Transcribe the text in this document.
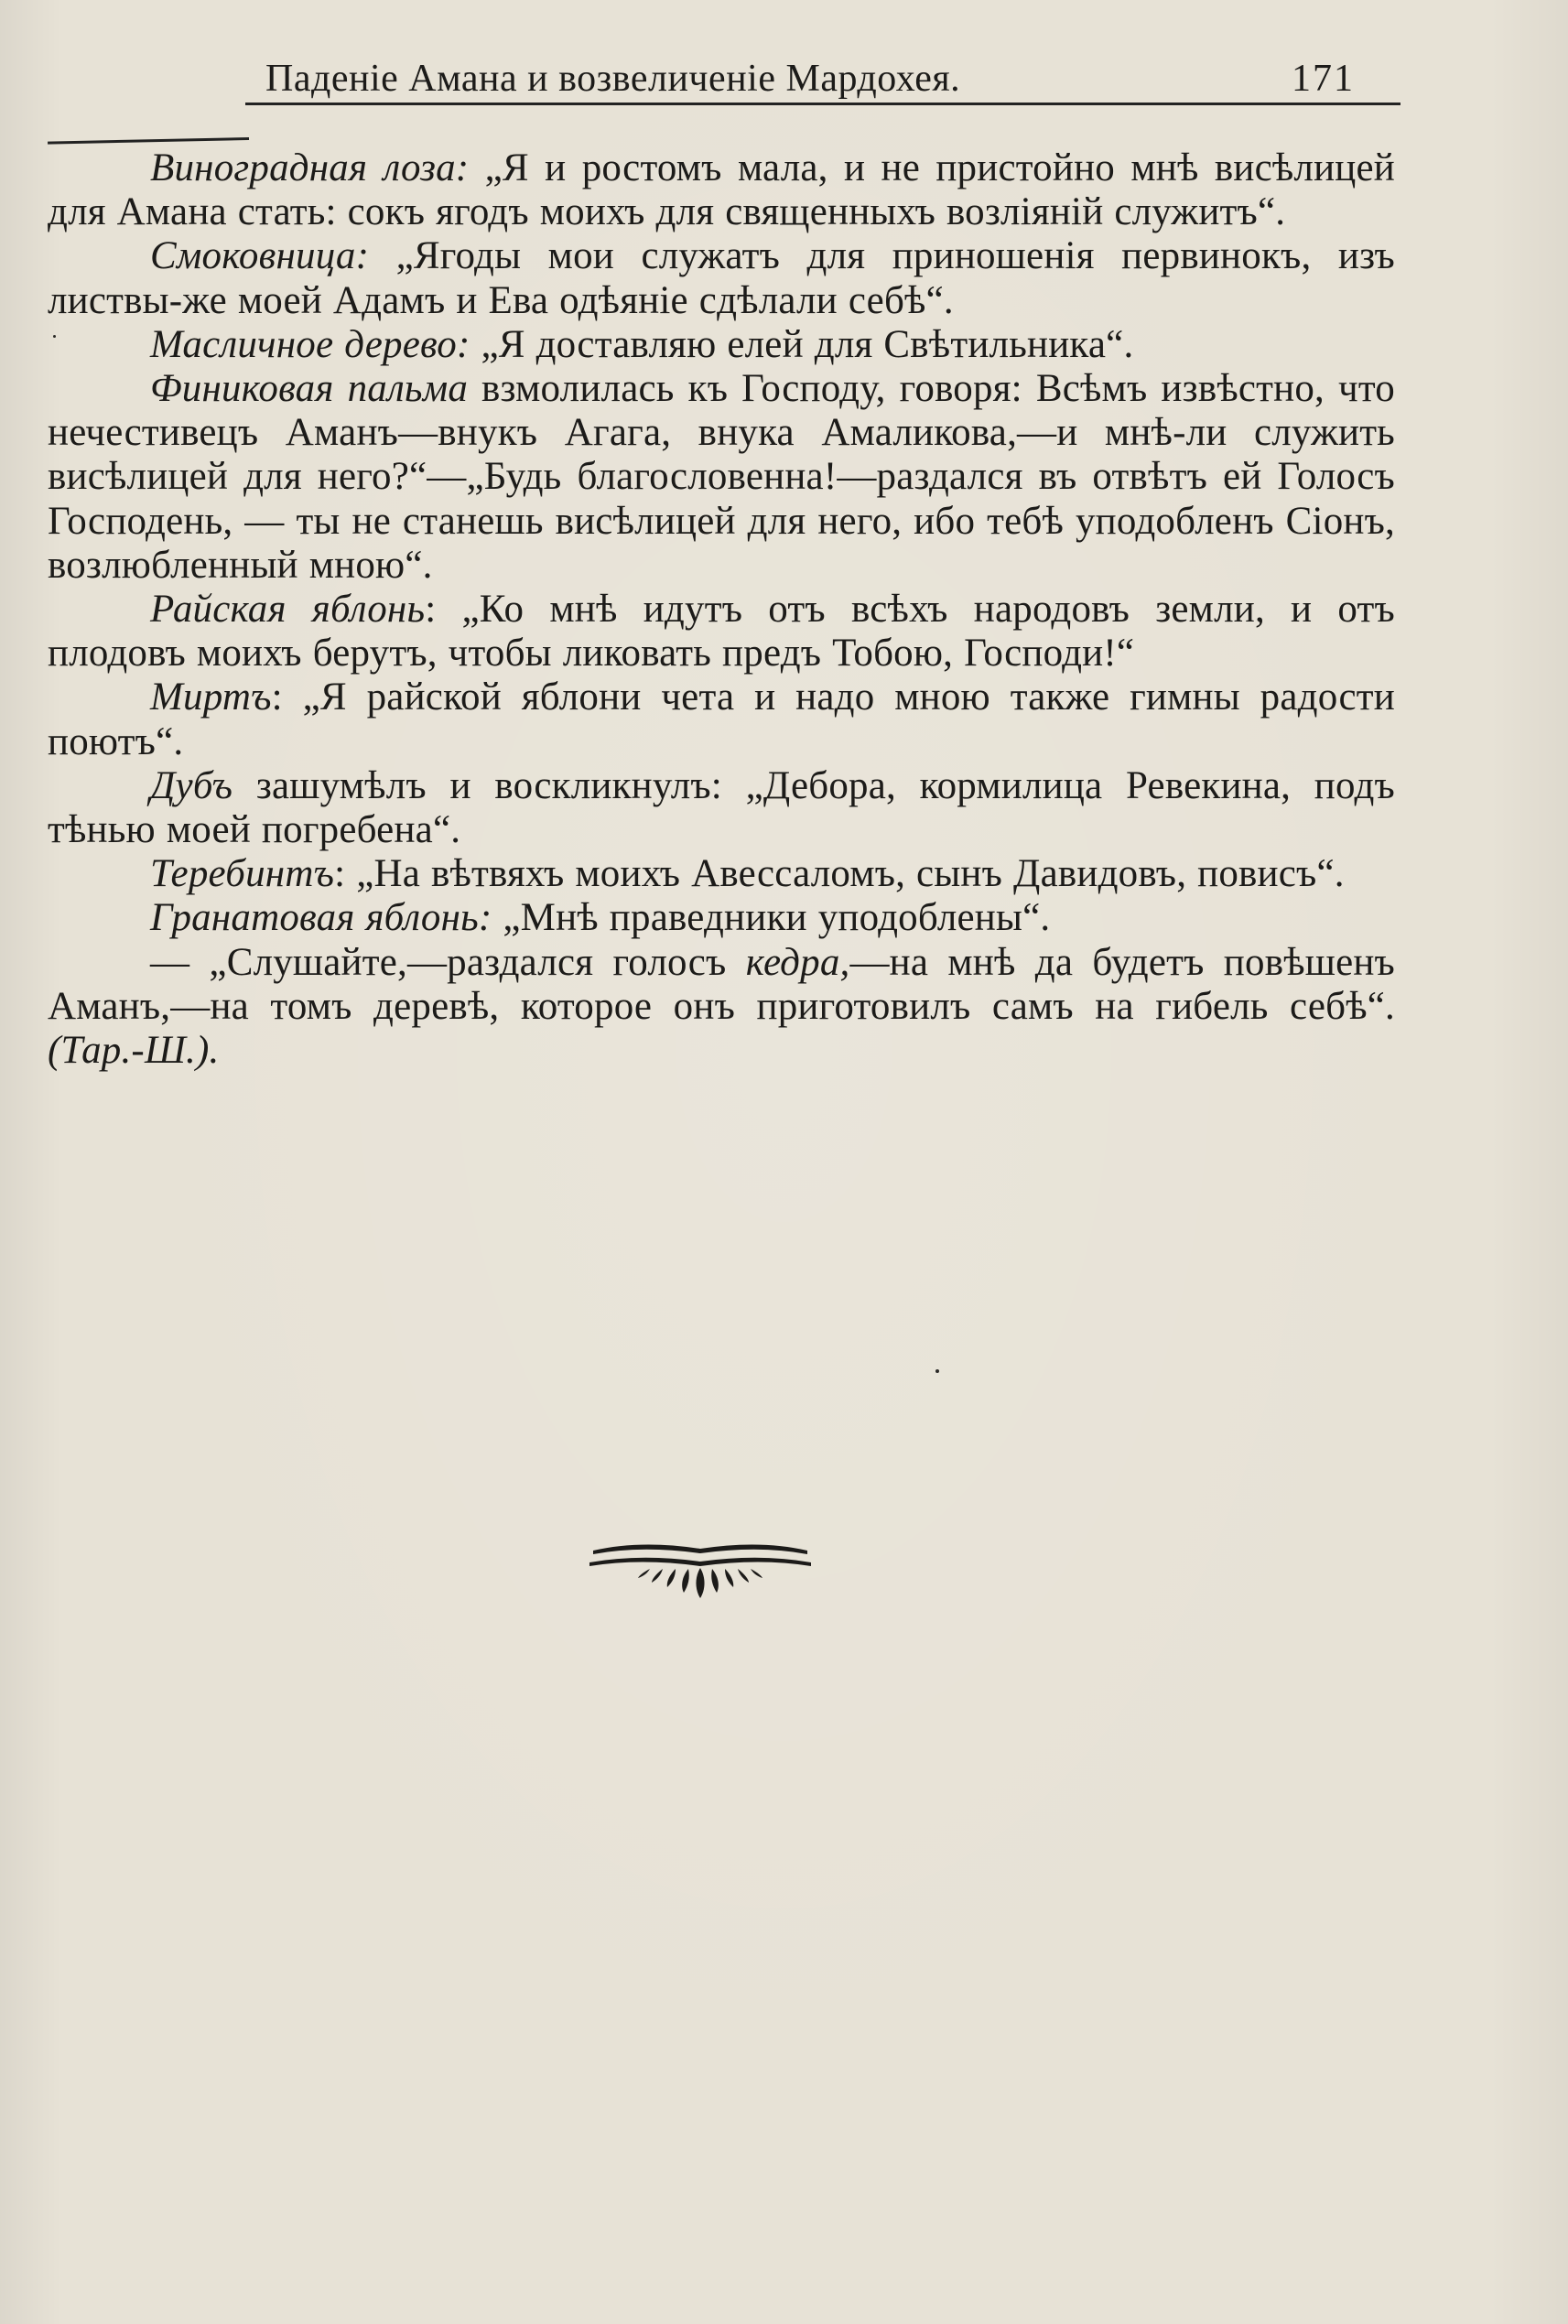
Паденіе Амана и возвеличеніе Мардохея.	171

Виноградная лоза: „Я и ростомъ мала, и не пристойно мнѣ висѣлицей для Амана стать: сокъ ягодъ моихъ для священныхъ возліяній служитъ“.

Смоковница: „Ягоды мои служатъ для приношенія первинокъ, изъ листвы-же моей Адамъ и Ева одѣяніе сдѣлали себѣ“.

Масличное дерево: „Я доставляю елей для Свѣтильника“.

Финиковая пальма взмолилась къ Господу, говоря: Всѣмъ извѣстно, что нечестивецъ Аманъ—внукъ Агага, внука Амаликова,—и мнѣ-ли служить висѣлицей для него?“—„Будь благословенна!—раздался въ отвѣтъ ей Голосъ Господень, — ты не станешь висѣлицей для него, ибо тебѣ уподобленъ Сіонъ, возлюбленный мною“.

Райская яблонь: „Ко мнѣ идутъ отъ всѣхъ народовъ земли, и отъ плодовъ моихъ берутъ, чтобы ликовать предъ Тобою, Господи!“

Миртъ: „Я райской яблони чета и надо мною также гимны радости поютъ“.

Дубъ зашумѣлъ и воскликнулъ: „Дебора, кормилица Ревекина, подъ тѣнью моей погребена“.

Теребинтъ: „На вѣтвяхъ моихъ Авессаломъ, сынъ Давидовъ, повисъ“.

Гранатовая яблонь: „Мнѣ праведники уподоблены“.

— „Слушайте,—раздался голосъ кедра,—на мнѣ да будетъ повѣшенъ Аманъ,—на томъ деревѣ, которое онъ приготовилъ самъ на гибель себѣ“. (Тар.-Ш.).
